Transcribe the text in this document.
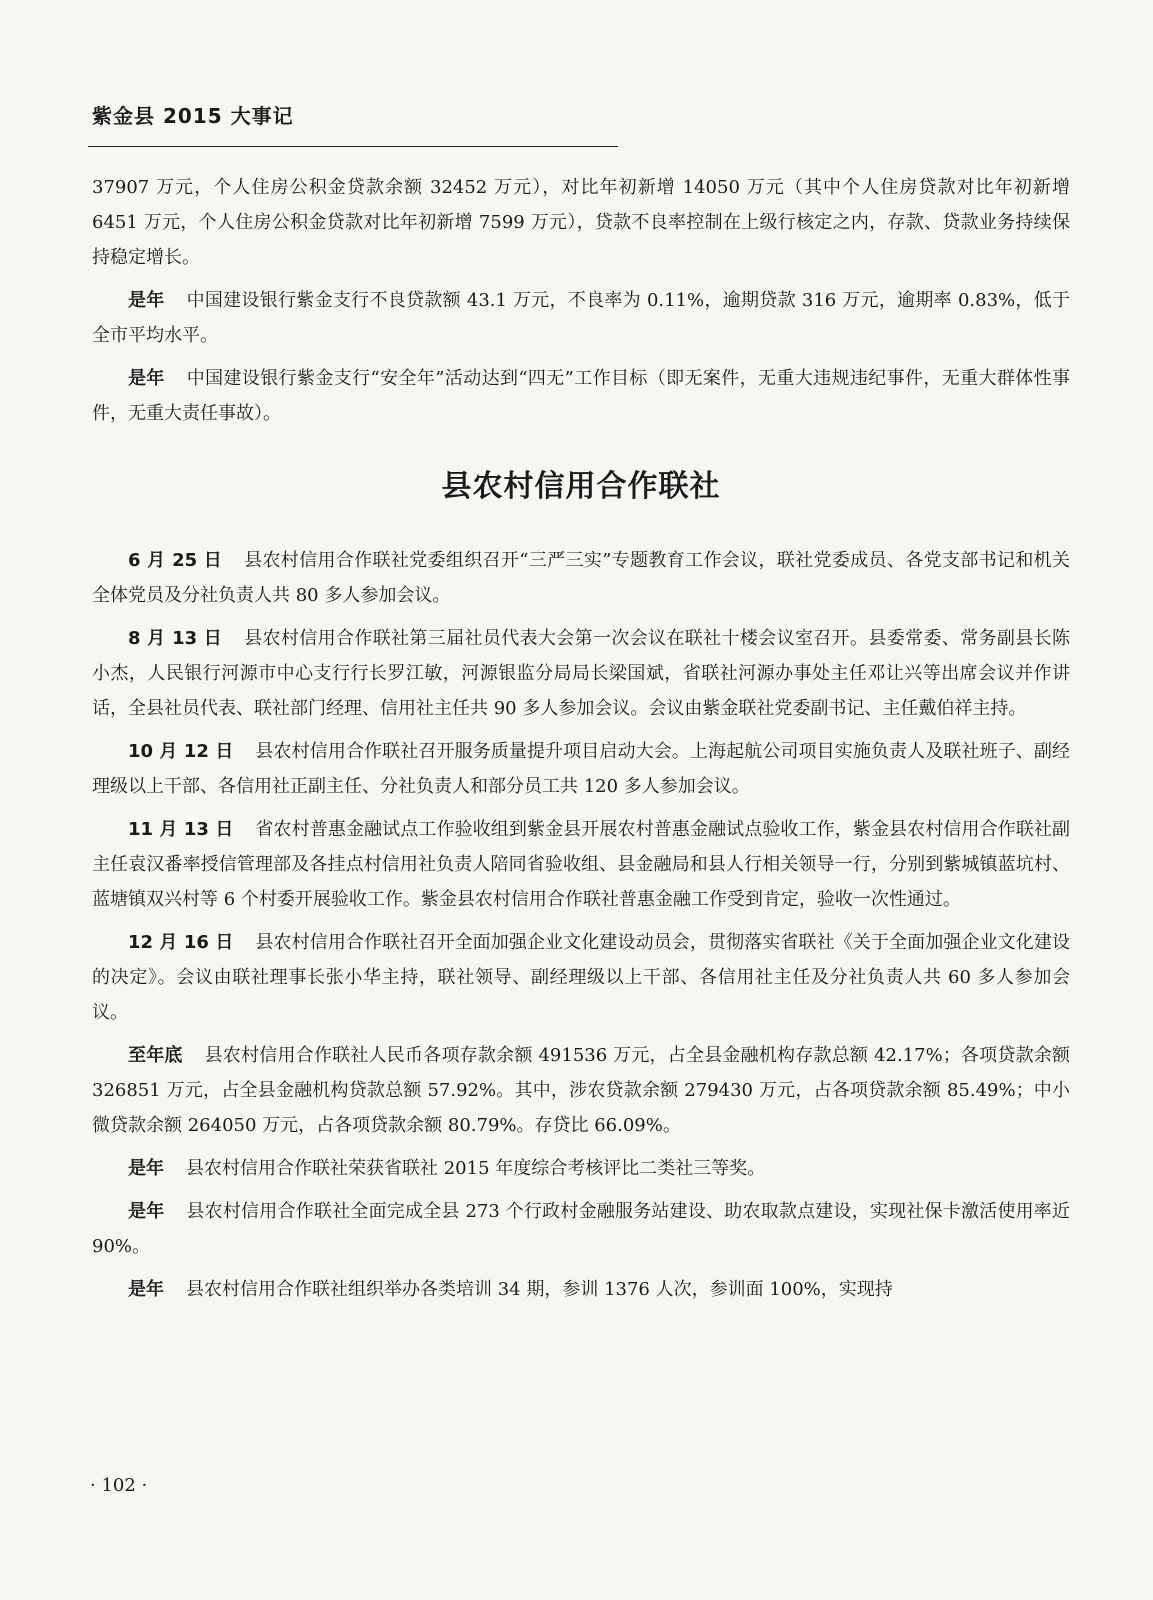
紫金县 2015 大事记

37907 万元，个人住房公积金贷款余额 32452 万元），对比年初新增 14050 万元（其中个人住房贷款对比年初新增 6451 万元，个人住房公积金贷款对比年初新增 7599 万元），贷款不良率控制在上级行核定之内，存款、贷款业务持续保持稳定增长。

是年 中国建设银行紫金支行不良贷款额 43.1 万元，不良率为 0.11%，逾期贷款 316 万元，逾期率 0.83%，低于全市平均水平。

是年 中国建设银行紫金支行“安全年”活动达到“四无”工作目标（即无案件，无重大违规违纪事件，无重大群体性事件，无重大责任事故）。

县农村信用合作联社

6 月 25 日 县农村信用合作联社党委组织召开“三严三实”专题教育工作会议，联社党委成员、各党支部书记和机关全体党员及分社负责人共 80 多人参加会议。

8 月 13 日 县农村信用合作联社第三届社员代表大会第一次会议在联社十楼会议室召开。县委常委、常务副县长陈小杰，人民银行河源市中心支行行长罗江敏，河源银监分局局长梁国斌，省联社河源办事处主任邓让兴等出席会议并作讲话，全县社员代表、联社部门经理、信用社主任共 90 多人参加会议。会议由紫金联社党委副书记、主任戴伯祥主持。

10 月 12 日 县农村信用合作联社召开服务质量提升项目启动大会。上海起航公司项目实施负责人及联社班子、副经理级以上干部、各信用社正副主任、分社负责人和部分员工共 120 多人参加会议。

11 月 13 日 省农村普惠金融试点工作验收组到紫金县开展农村普惠金融试点验收工作，紫金县农村信用合作联社副主任袁汉番率授信管理部及各挂点村信用社负责人陪同省验收组、县金融局和县人行相关领导一行，分别到紫城镇蓝坑村、蓝塘镇双兴村等 6 个村委开展验收工作。紫金县农村信用合作联社普惠金融工作受到肯定，验收一次性通过。

12 月 16 日 县农村信用合作联社召开全面加强企业文化建设动员会，贯彻落实省联社《关于全面加强企业文化建设的决定》。会议由联社理事长张小华主持，联社领导、副经理级以上干部、各信用社主任及分社负责人共 60 多人参加会议。

至年底 县农村信用合作联社人民币各项存款余额 491536 万元，占全县金融机构存款总额 42.17%；各项贷款余额 326851 万元，占全县金融机构贷款总额 57.92%。其中，涉农贷款余额 279430 万元，占各项贷款余额 85.49%；中小微贷款余额 264050 万元，占各项贷款余额 80.79%。存贷比 66.09%。

是年 县农村信用合作联社荣获省联社 2015 年度综合考核评比二类社三等奖。

是年 县农村信用合作联社全面完成全县 273 个行政村金融服务站建设、助农取款点建设，实现社保卡激活使用率近 90%。

是年 县农村信用合作联社组织举办各类培训 34 期，参训 1376 人次，参训面 100%，实现持

· 102 ·
